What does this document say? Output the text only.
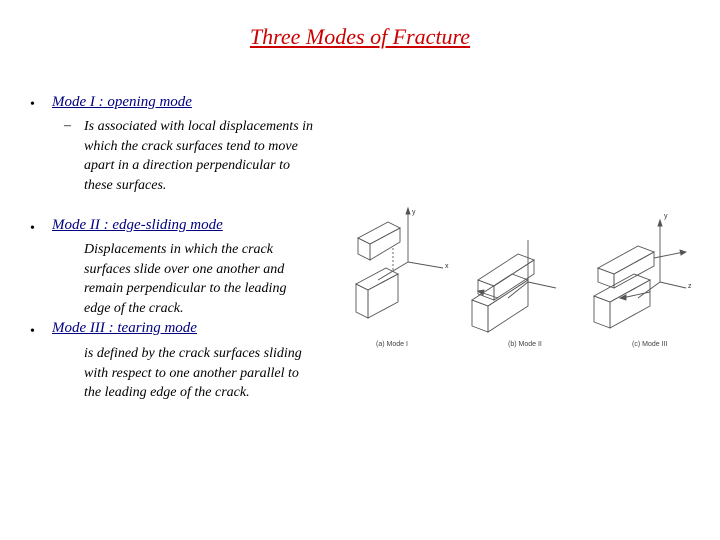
Three Modes of Fracture
• Mode I : opening mode
– Is associated with local displacements in which the crack surfaces tend to move apart in a direction perpendicular to these surfaces.
• Mode II : edge-sliding mode
Displacements in which the crack surfaces slide over one another and remain perpendicular to the leading edge of the crack.
• Mode III : tearing mode
is defined by the crack surfaces sliding with respect to one another parallel to the leading edge of the crack.
y
x
y
z
(a) Mode I	(b) Mode II	(c) Mode III
